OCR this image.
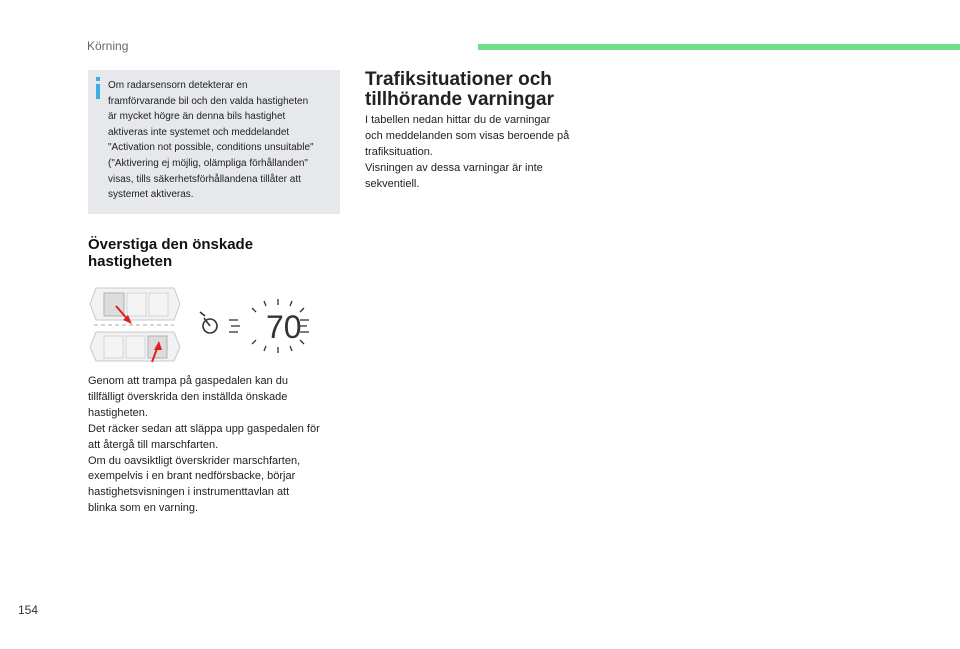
Körning
Om radarsensorn detekterar en
framförvarande bil och den valda hastigheten
är mycket högre än denna bils hastighet
aktiveras inte systemet och meddelandet
"Activation not possible, conditions unsuitable"
("Aktivering ej möjlig, olämpliga förhållanden"
visas, tills säkerhetsförhållandena tillåter att
systemet aktiveras.
Överstiga den önskade
hastigheten
70
Genom att trampa på gaspedalen kan du
tillfälligt överskrida den inställda önskade
hastigheten.
Det räcker sedan att släppa upp gaspedalen för
att återgå till marschfarten.
Om du oavsiktligt överskrider marschfarten,
exempelvis i en brant nedförsbacke, börjar
hastighetsvisningen i instrumenttavlan att
blinka som en varning.
Trafiksituationer och
tillhörande varningar
I tabellen nedan hittar du de varningar
och meddelanden som visas beroende på
trafiksituation.
Visningen av dessa varningar är inte
sekventiell.
154
